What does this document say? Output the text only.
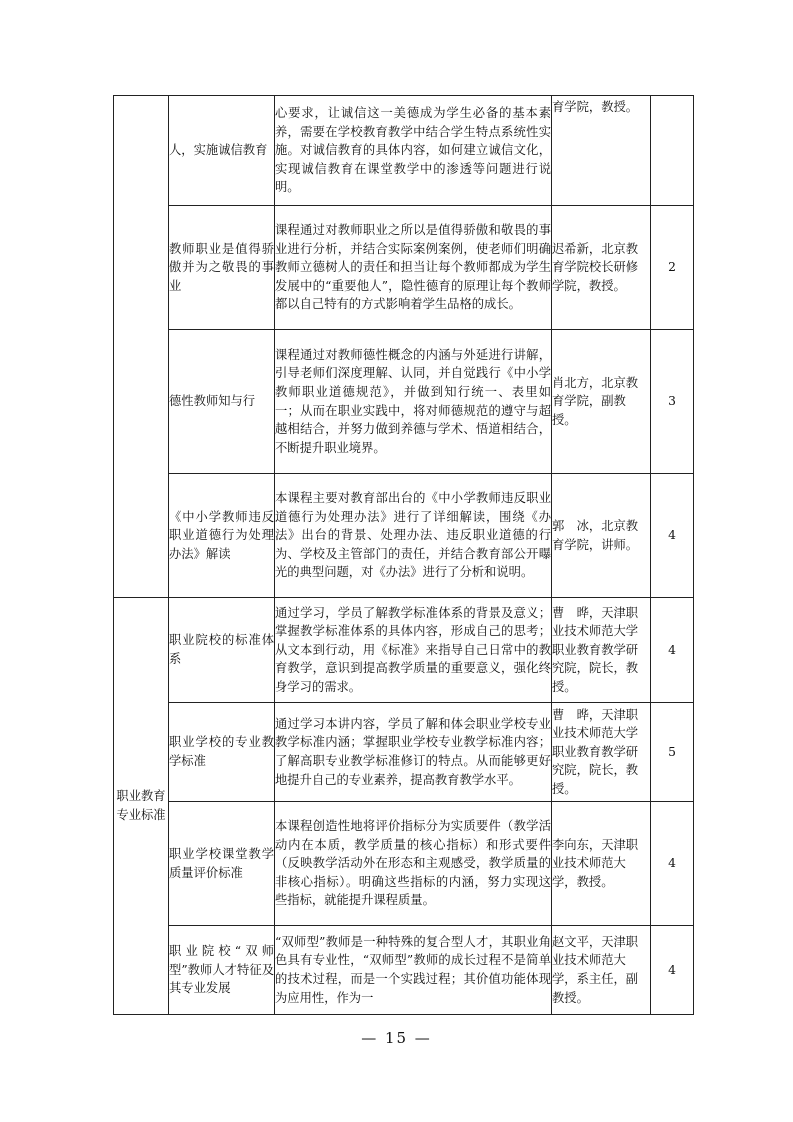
	人，实施诚信教育	心要求，让诚信这一美德成为学生必备的基本素养，需要在学校教育教学中结合学生特点系统性实施。对诚信教育的具体内容，如何建立诚信文化，实现诚信教育在课堂教学中的渗透等问题进行说明。	育学院，教授。	
	教师职业是值得骄傲并为之敬畏的事业	课程通过对教师职业之所以是值得骄傲和敬畏的事业进行分析，并结合实际案例案例，使老师们明确教师立德树人的责任和担当让每个教师都成为学生发展中的“重要他人”，隐性德育的原理让每个教师都以自己特有的方式影响着学生品格的成长。	迟希新，北京教育学院校长研修学院，教授。	2
	德性教师知与行	课程通过对教师德性概念的内涵与外延进行讲解，引导老师们深度理解、认同，并自觉践行《中小学教师职业道德规范》，并做到知行统一、表里如一；从而在职业实践中，将对师德规范的遵守与超越相结合，并努力做到养德与学术、悟道相结合，不断提升职业境界。	肖北方，北京教育学院，副教授。	3
	《中小学教师违反职业道德行为处理办法》解读	本课程主要对教育部出台的《中小学教师违反职业道德行为处理办法》进行了详细解读，围绕《办法》出台的背景、处理办法、违反职业道德的行为、学校及主管部门的责任，并结合教育部公开曝光的典型问题，对《办法》进行了分析和说明。	郭　冰，北京教育学院，讲师。	4
职业教育专业标准	职业院校的标准体系	通过学习，学员了解教学标准体系的背景及意义；掌握教学标准体系的具体内容，形成自己的思考；从文本到行动，用《标准》来指导自己日常中的教育教学，意识到提高教学质量的重要意义，强化终身学习的需求。	曹　晔，天津职业技术师范大学职业教育教学研究院，院长，教授。	4
	职业学校的专业教学标准	通过学习本讲内容，学员了解和体会职业学校专业教学标准内涵；掌握职业学校专业教学标准内容；了解高职专业教学标准修订的特点。从而能够更好地提升自己的专业素养，提高教育教学水平。	曹　晔，天津职业技术师范大学职业教育教学研究院，院长，教授。	5
	职业学校课堂教学质量评价标准	本课程创造性地将评价指标分为实质要件（教学活动内在本质，教学质量的核心指标）和形式要件（反映教学活动外在形态和主观感受，教学质量的非核心指标）。明确这些指标的内涵，努力实现这些指标，就能提升课程质量。	李向东，天津职业技术师范大学，教授。	4
	职业院校“双师型”教师人才特征及其专业发展	“双师型”教师是一种特殊的复合型人才，其职业角色具有专业性，“双师型”教师的成长过程不是简单的技术过程，而是一个实践过程；其价值功能体现为应用性，作为一	赵文平，天津职业技术师范大学，系主任，副教授。	4
— 15 —
